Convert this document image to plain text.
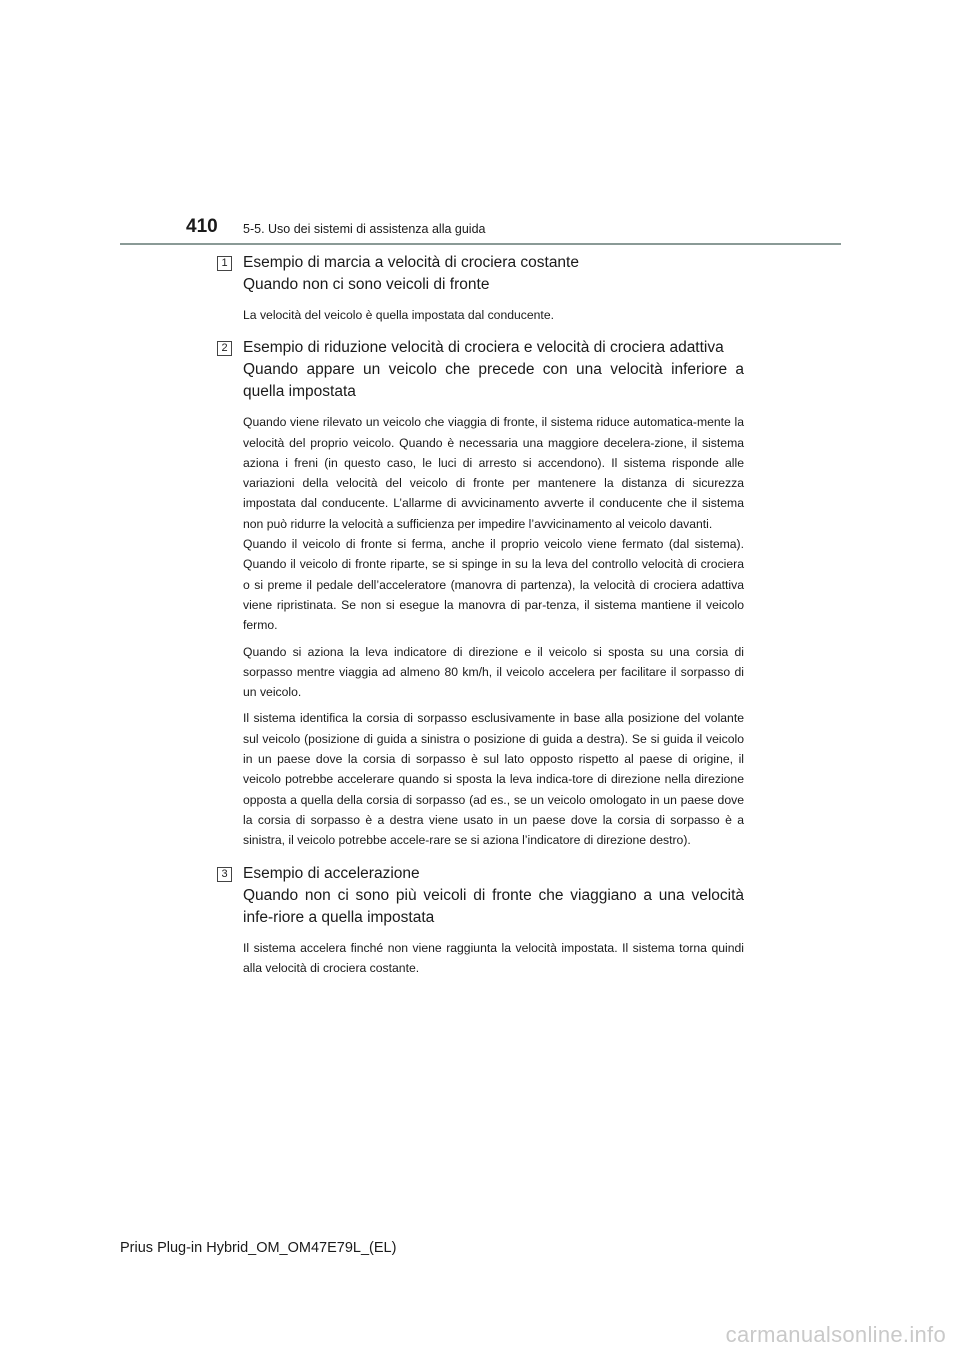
410 5-5. Uso dei sistemi di assistenza alla guida
1 Esempio di marcia a velocità di crociera costante
Quando non ci sono veicoli di fronte

La velocità del veicolo è quella impostata dal conducente.

2 Esempio di riduzione velocità di crociera e velocità di crociera adattiva
Quando appare un veicolo che precede con una velocità inferiore a quella impostata

Quando viene rilevato un veicolo che viaggia di fronte, il sistema riduce automatica-mente la velocità del proprio veicolo. Quando è necessaria una maggiore decelera-zione, il sistema aziona i freni (in questo caso, le luci di arresto si accendono). Il sistema risponde alle variazioni della velocità del veicolo di fronte per mantenere la distanza di sicurezza impostata dal conducente. L’allarme di avvicinamento avverte il conducente che il sistema non può ridurre la velocità a sufficienza per impedire l’avvicinamento al veicolo davanti.

Quando il veicolo di fronte si ferma, anche il proprio veicolo viene fermato (dal sistema). Quando il veicolo di fronte riparte, se si spinge in su la leva del controllo velocità di crociera o si preme il pedale dell’acceleratore (manovra di partenza), la velocità di crociera adattiva viene ripristinata. Se non si esegue la manovra di par-tenza, il sistema mantiene il veicolo fermo.

Quando si aziona la leva indicatore di direzione e il veicolo si sposta su una corsia di sorpasso mentre viaggia ad almeno 80 km/h, il veicolo accelera per facilitare il sorpasso di un veicolo.

Il sistema identifica la corsia di sorpasso esclusivamente in base alla posizione del volante sul veicolo (posizione di guida a sinistra o posizione di guida a destra). Se si guida il veicolo in un paese dove la corsia di sorpasso è sul lato opposto rispetto al paese di origine, il veicolo potrebbe accelerare quando si sposta la leva indica-tore di direzione nella direzione opposta a quella della corsia di sorpasso (ad es., se un veicolo omologato in un paese dove la corsia di sorpasso è a destra viene usato in un paese dove la corsia di sorpasso è a sinistra, il veicolo potrebbe accele-rare se si aziona l’indicatore di direzione destro).

3 Esempio di accelerazione
Quando non ci sono più veicoli di fronte che viaggiano a una velocità infe-riore a quella impostata

Il sistema accelera finché non viene raggiunta la velocità impostata. Il sistema torna quindi alla velocità di crociera costante.

Prius Plug-in Hybrid_OM_OM47E79L_(EL)
carmanualsonline.info
